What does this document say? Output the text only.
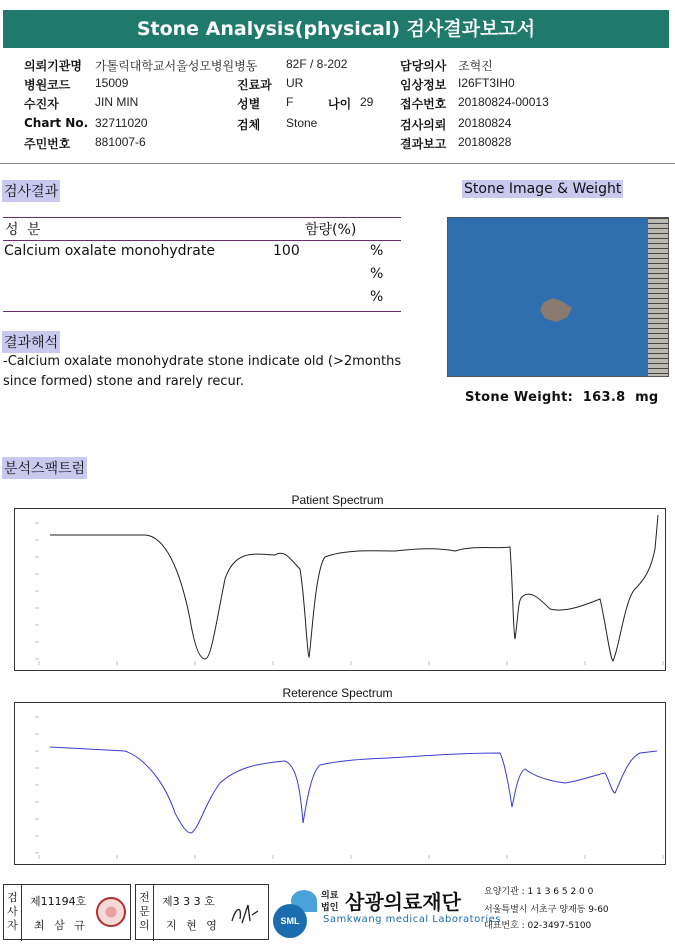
Stone Analysis(physical) 검사결과보고서
의뢰기관명 가톨릭대학교서울성모병원병동 82F / 8-202	담당의사 조혁진
병원코드 15009	진료과 UR	임상정보 I26FT3IH0
수진자	JIN MIN	성별 F	나이 29 접수번호 20180824-00013
Chart No. 32711020	검체 Stone	검사의뢰 20180824
주민번호 881007-6	결과보고 20180828
검사결과	Stone Image & Weight
성 분	함량(%)
Calcium oxalate monohydrate	100	%
%
%
결과해석
-Calcium oxalate monohydrate stone indicate old (>2months since formed) stone and rarely recur.
Stone Weight: 163.8 mg
분석스팩트럼
Patient Spectrum
Reterence Spectrum
검
사
자
제11194호
최 삼 규
전
문
의
제3 3 3 호
지 현 영	SML
의료
법인 삼광의료재단
Samkwang medical Laboratories
요양기관 : 1 1 3 6 5 2 0 0
서울특별시 서초구 양재동 9-60
대표번호 : 02-3497-5100
